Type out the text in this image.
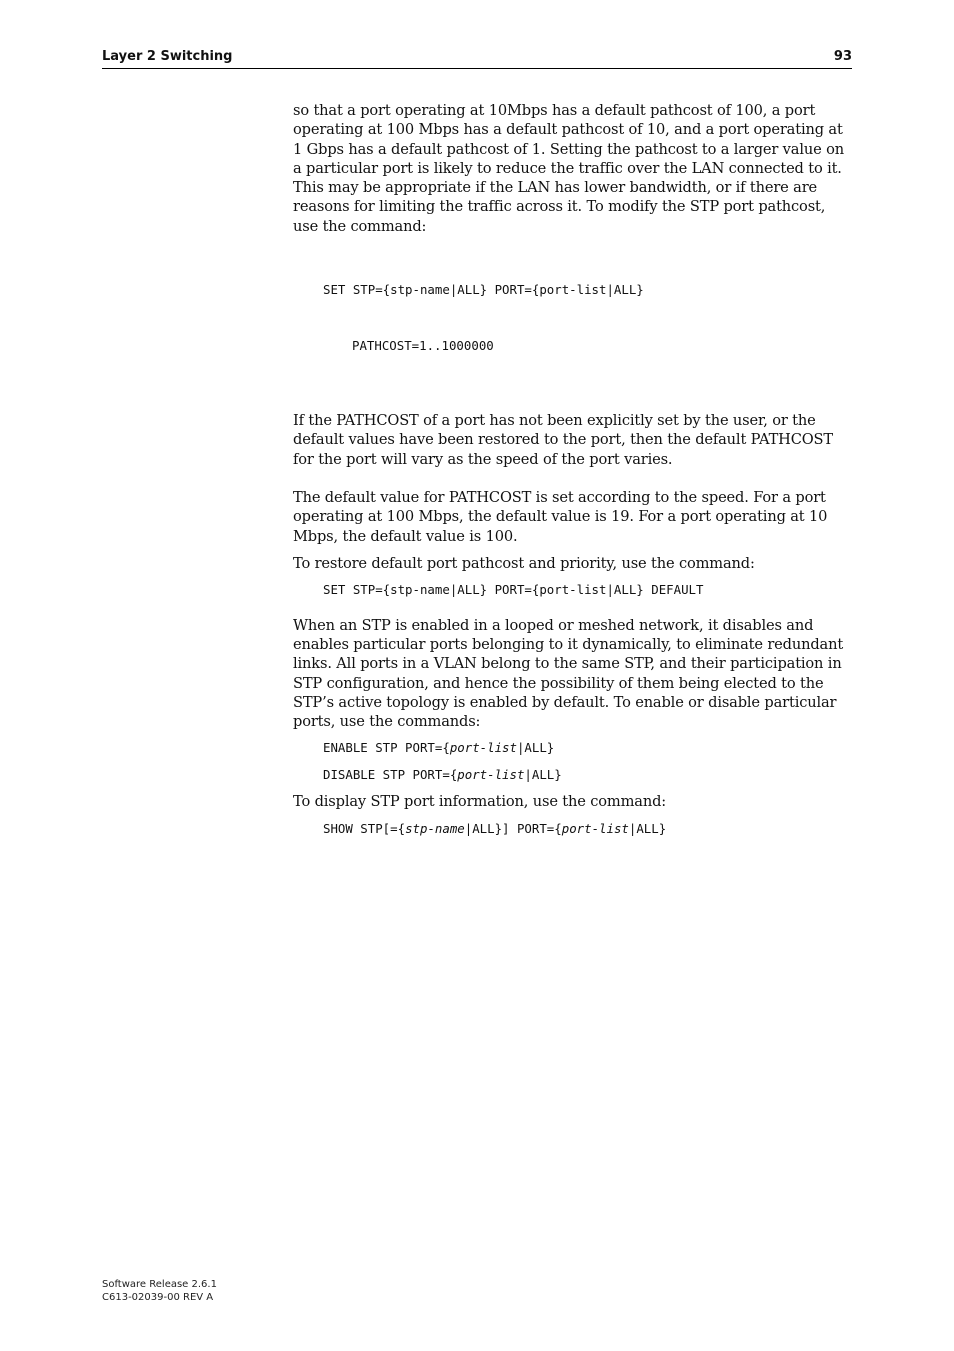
Layer 2 Switching	93

so that a port operating at 10Mbps has a default pathcost of 100, a port operating at 100 Mbps has a default pathcost of 10, and a port operating at 1 Gbps has a default pathcost of 1. Setting the pathcost to a larger value on a particular port is likely to reduce the traffic over the LAN connected to it. This may be appropriate if the LAN has lower bandwidth, or if there are reasons for limiting the traffic across it. To modify the STP port pathcost, use the command:

SET STP={stp-name|ALL} PORT={port-list|ALL}

PATHCOST=1..1000000

If the PATHCOST of a port has not been explicitly set by the user, or the default values have been restored to the port, then the default PATHCOST for the port will vary as the speed of the port varies.

The default value for PATHCOST is set according to the speed. For a port operating at 100 Mbps, the default value is 19. For a port operating at 10 Mbps, the default value is 100.

To restore default port pathcost and priority, use the command:

SET STP={stp-name|ALL} PORT={port-list|ALL} DEFAULT

When an STP is enabled in a looped or meshed network, it disables and enables particular ports belonging to it dynamically, to eliminate redundant links. All ports in a VLAN belong to the same STP, and their participation in STP configuration, and hence the possibility of them being elected to the STP’s active topology is enabled by default. To enable or disable particular ports, use the commands:

ENABLE STP PORT={port-list|ALL}
DISABLE STP PORT={port-list|ALL}

To display STP port information, use the command:

SHOW STP[={stp-name|ALL}] PORT={port-list|ALL}
Software Release 2.6.1
C613-02039-00 REV A
